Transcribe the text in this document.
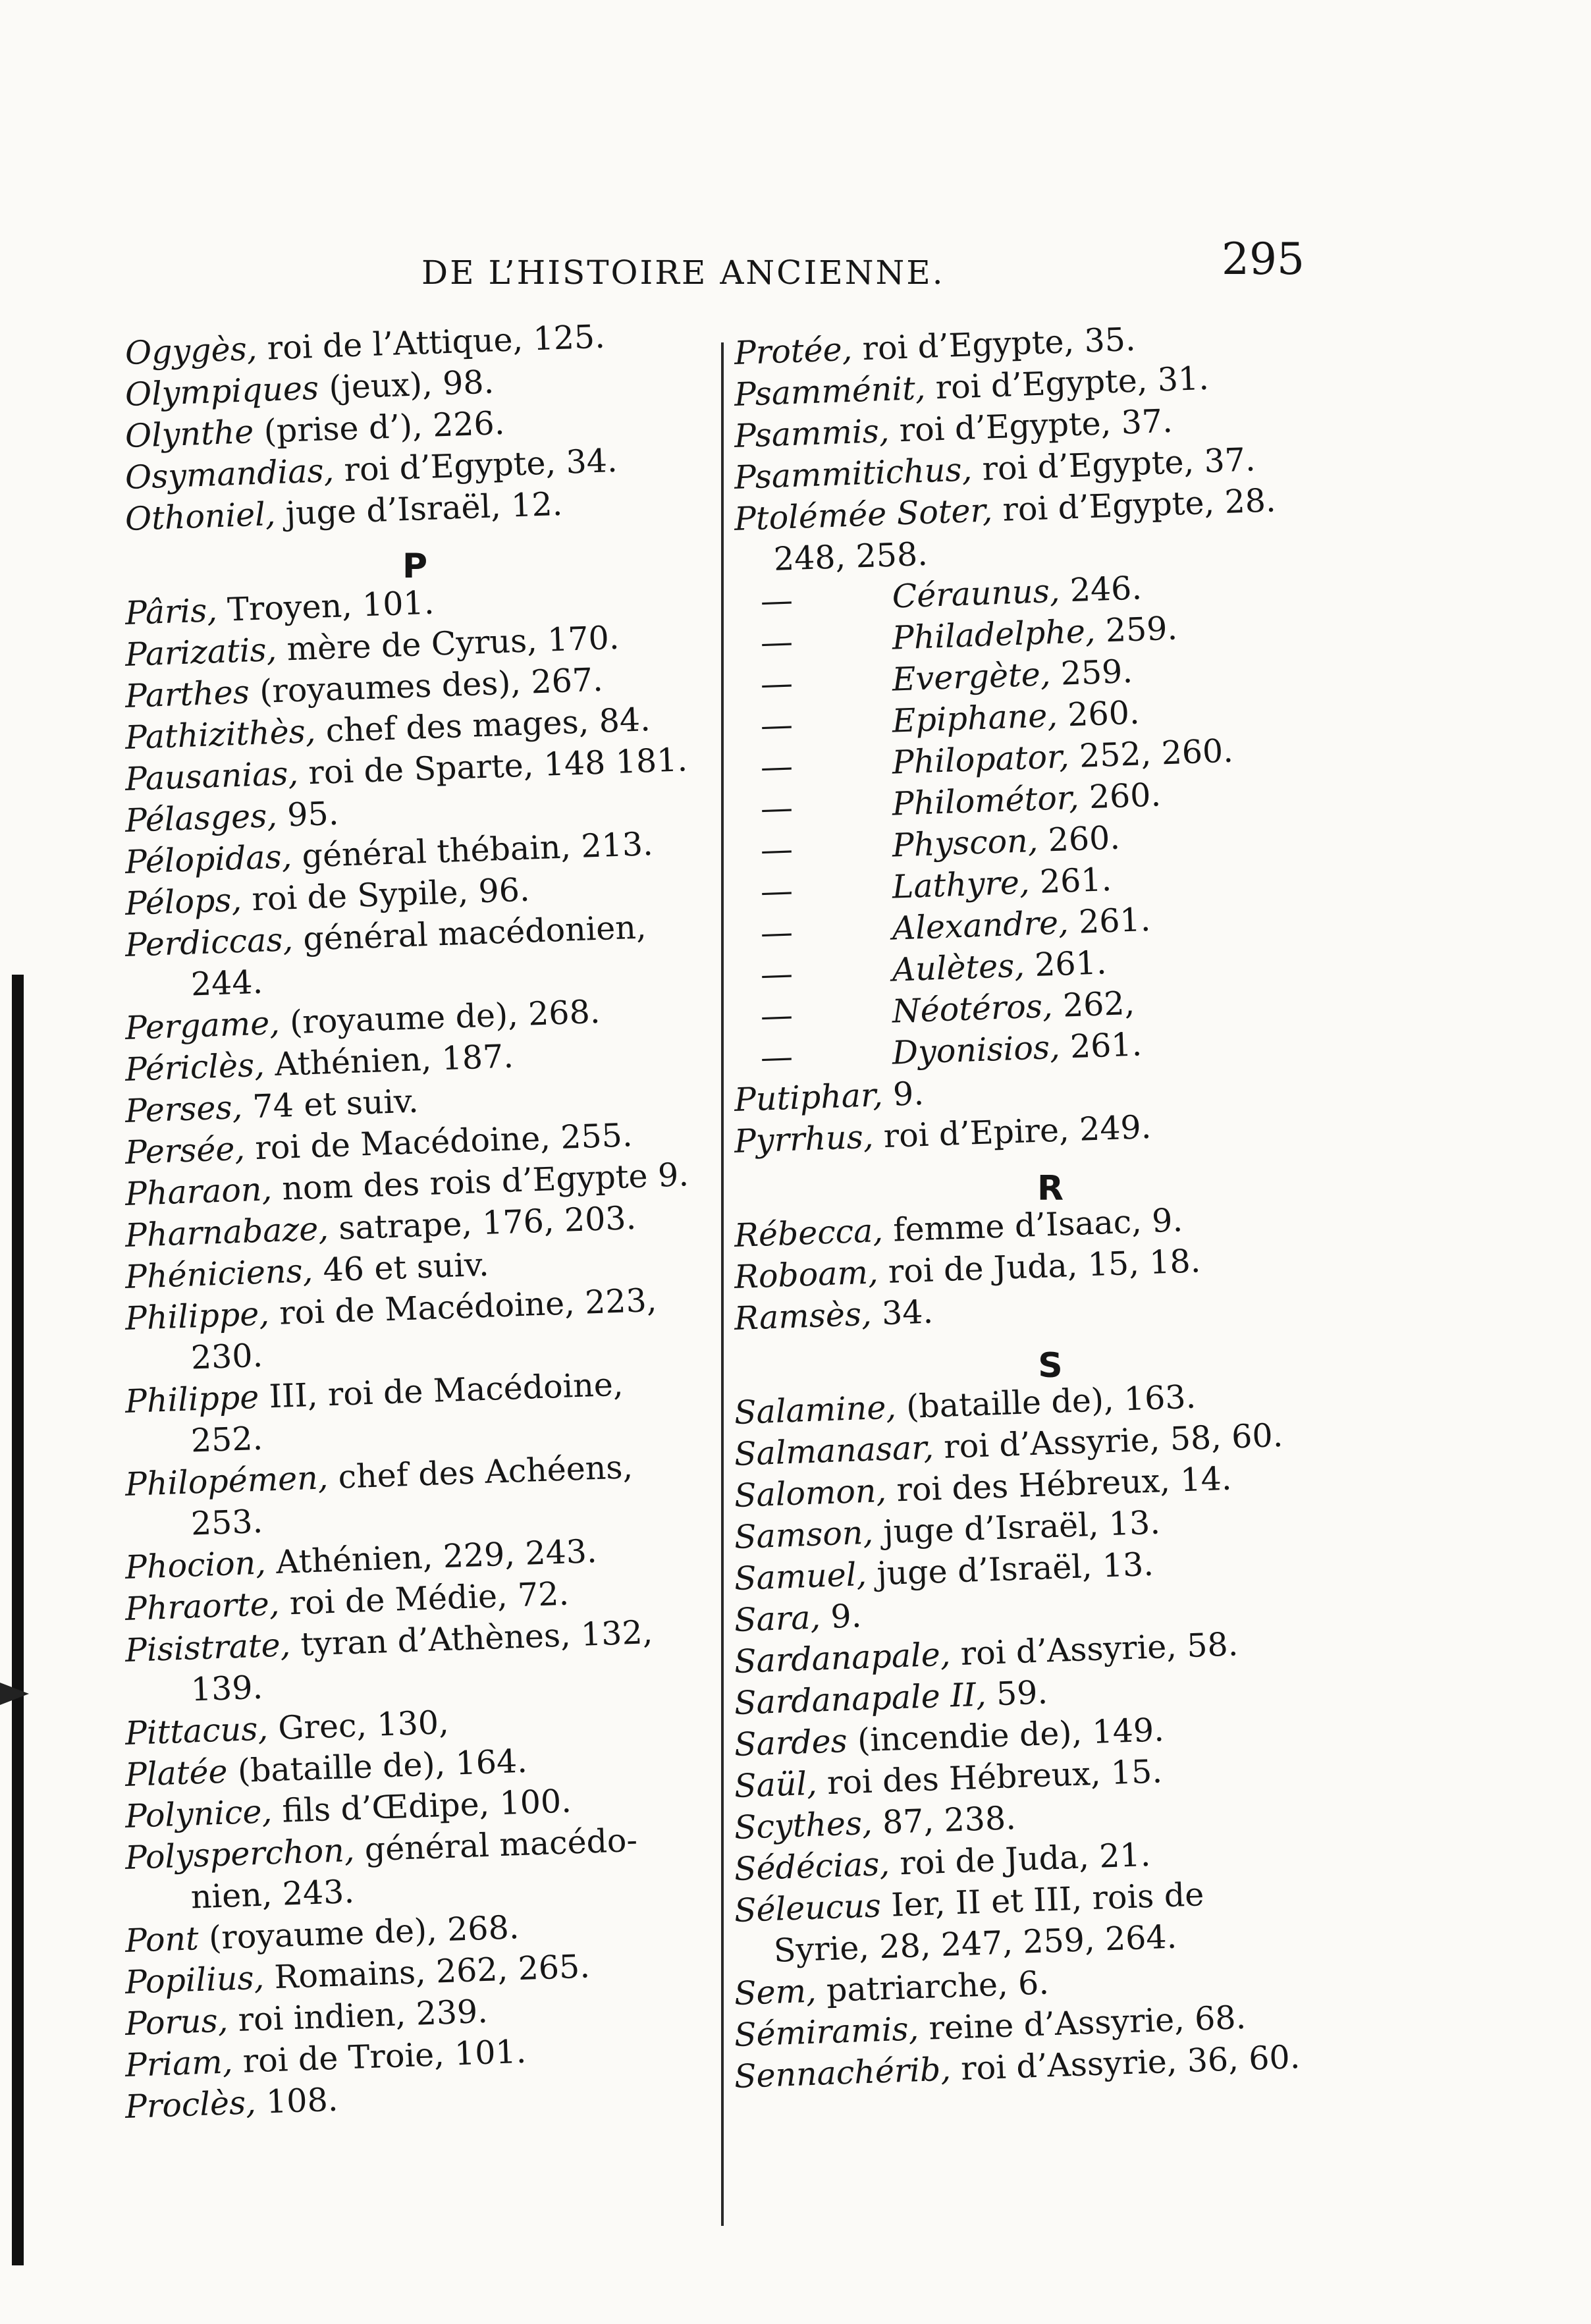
DE L’HISTOIRE ANCIENNE.	295
Ogygès, roi de l’Attique, 125.
Olympiques (jeux), 98.
Olynthe (prise d’), 226.
Osymandias, roi d’Egypte, 34.
Othoniel, juge d’Israël, 12.
P
Pâris, Troyen, 101.
Parizatis, mère de Cyrus, 170.
Parthes (royaumes des), 267.
Pathizithès, chef des mages, 84.
Pausanias, roi de Sparte, 148 181.
Pélasges, 95.
Pélopidas, général thébain, 213.
Pélops, roi de Sypile, 96.
Perdiccas, général macédonien,
244.
Pergame, (royaume de), 268.
Périclès, Athénien, 187.
Perses, 74 et suiv.
Persée, roi de Macédoine, 255.
Pharaon, nom des rois d’Egypte 9.
Pharnabaze, satrape, 176, 203.
Phéniciens, 46 et suiv.
Philippe, roi de Macédoine, 223,
230.
Philippe III, roi de Macédoine,
252.
Philopémen, chef des Achéens,
253.
Phocion, Athénien, 229, 243.
Phraorte, roi de Médie, 72.
Pisistrate, tyran d’Athènes, 132,
139.
Pittacus, Grec, 130,
Platée (bataille de), 164.
Polynice, fils d’Œdipe, 100.
Polysperchon, général macédo-
nien, 243.
Pont (royaume de), 268.
Popilius, Romains, 262, 265.
Porus, roi indien, 239.
Priam, roi de Troie, 101.
Proclès, 108.
Protée, roi d’Egypte, 35.
Psamménit, roi d’Egypte, 31.
Psammis, roi d’Egypte, 37.
Psammitichus, roi d’Egypte, 37.
Ptolémée Soter, roi d’Egypte, 28.
248, 258.
—	Céraunus, 246.
—	Philadelphe, 259.
—	Evergète, 259.
—	Epiphane, 260.
—	Philopator, 252, 260.
—	Philométor, 260.
—	Physcon, 260.
—	Lathyre, 261.
—	Alexandre, 261.
—	Aulètes, 261.
—	Néotéros, 262,
—	Dyonisios, 261.
Putiphar, 9.
Pyrrhus, roi d’Epire, 249.
R
Rébecca, femme d’Isaac, 9.
Roboam, roi de Juda, 15, 18.
Ramsès, 34.
S
Salamine, (bataille de), 163.
Salmanasar, roi d’Assyrie, 58, 60.
Salomon, roi des Hébreux, 14.
Samson, juge d’Israël, 13.
Samuel, juge d’Israël, 13.
Sara, 9.
Sardanapale, roi d’Assyrie, 58.
Sardanapale II, 59.
Sardes (incendie de), 149.
Saül, roi des Hébreux, 15.
Scythes, 87, 238.
Sédécias, roi de Juda, 21.
Séleucus Ier, II et III, rois de
Syrie, 28, 247, 259, 264.
Sem, patriarche, 6.
Sémiramis, reine d’Assyrie, 68.
Sennachérib, roi d’Assyrie, 36, 60.
